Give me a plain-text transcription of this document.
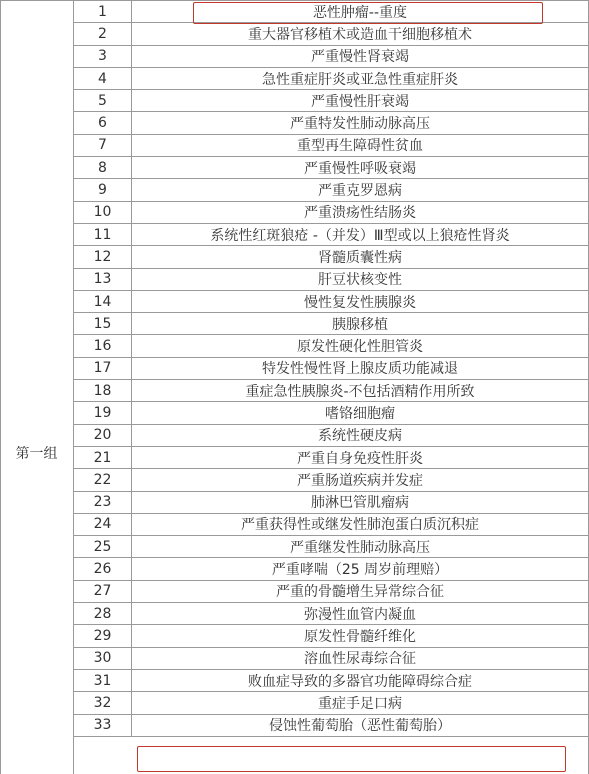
第一组
1	恶性肿瘤--重度
2	重大器官移植术或造血干细胞移植术
3	严重慢性肾衰竭
4	急性重症肝炎或亚急性重症肝炎
5	严重慢性肝衰竭
6	严重特发性肺动脉高压
7	重型再生障碍性贫血
8	严重慢性呼吸衰竭
9	严重克罗恩病
10	严重溃疡性结肠炎
11	系统性红斑狼疮 -（并发）Ⅲ型或以上狼疮性肾炎
12	肾髓质囊性病
13	肝豆状核变性
14	慢性复发性胰腺炎
15	胰腺移植
16	原发性硬化性胆管炎
17	特发性慢性肾上腺皮质功能减退
18	重症急性胰腺炎-不包括酒精作用所致
19	嗜铬细胞瘤
20	系统性硬皮病
21	严重自身免疫性肝炎
22	严重肠道疾病并发症
23	肺淋巴管肌瘤病
24	严重获得性或继发性肺泡蛋白质沉积症
25	严重继发性肺动脉高压
26	严重哮喘（25 周岁前理赔）
27	严重的骨髓增生异常综合征
28	弥漫性血管内凝血
29	原发性骨髓纤维化
30	溶血性尿毒综合征
31	败血症导致的多器官功能障碍综合症
32	重症手足口病
33	侵蚀性葡萄胎（恶性葡萄胎）
